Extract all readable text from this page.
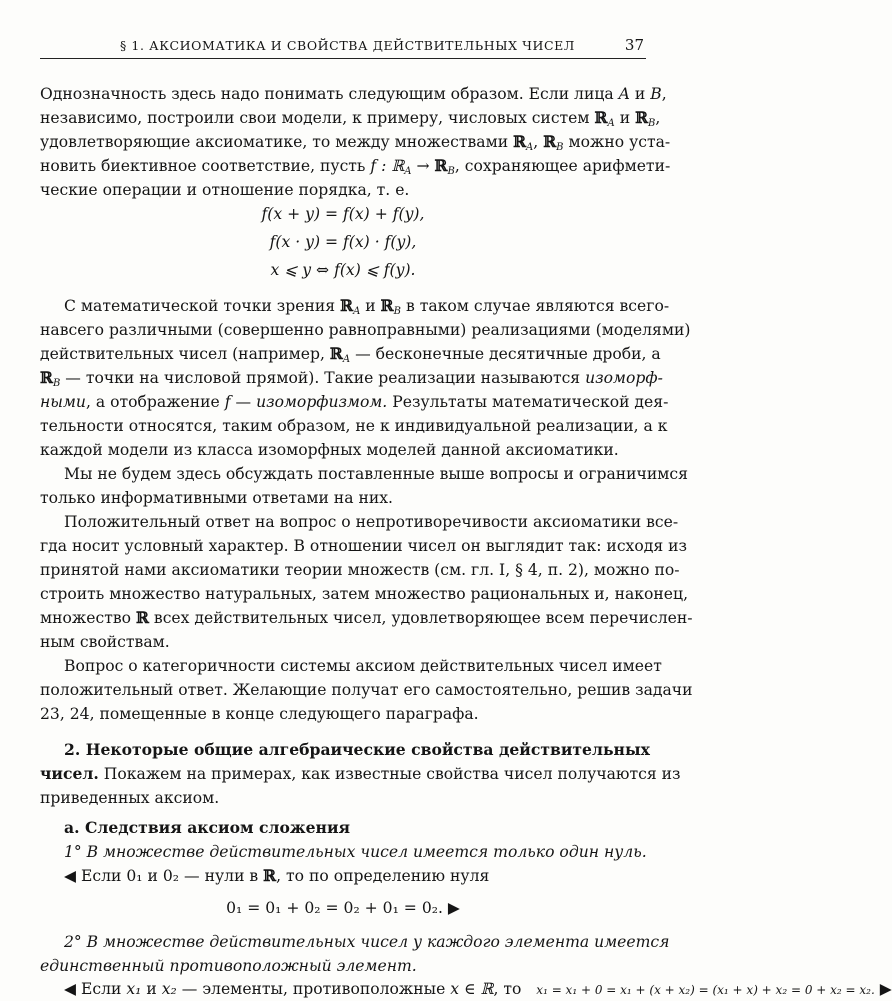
§ 1. АКСИОМАТИКА И СВОЙСТВА ДЕЙСТВИТЕЛЬНЫХ ЧИСЕЛ	37
Однозначность здесь надо понимать следующим образом. Если лица A и B,
независимо, построили свои модели, к примеру, числовых систем ℝ$_A$ и ℝ$_B$,
удовлетворяющие аксиоматике, то между множествами ℝ$_A$, ℝ$_B$ можно уста-
новить биективное соответствие, пусть f : ℝ$_A$ → ℝ$_B$, сохраняющее арифмети-
ческие операции и отношение порядка, т. е.
f(x + y) = f(x) + f(y),
f(x · y) = f(x) · f(y),
x ⩽ y ⇔ f(x) ⩽ f(y).
С математической точки зрения ℝ$_A$ и ℝ$_B$ в таком случае являются всего-
навсего различными (совершенно равноправными) реализациями (моделями)
действительных чисел (например, ℝ$_A$ — бесконечные десятичные дроби, а
ℝ$_B$ — точки на числовой прямой). Такие реализации называются изоморф-
ными, а отображение f — изоморфизмом. Результаты математической дея-
тельности относятся, таким образом, не к индивидуальной реализации, а к
каждой модели из класса изоморфных моделей данной аксиоматики.
Мы не будем здесь обсуждать поставленные выше вопросы и ограничимся
только информативными ответами на них.
Положительный ответ на вопрос о непротиворечивости аксиоматики все-
гда носит условный характер. В отношении чисел он выглядит так: исходя из
принятой нами аксиоматики теории множеств (см. гл. I, § 4, п. 2), можно по-
строить множество натуральных, затем множество рациональных и, наконец,
множество ℝ всех действительных чисел, удовлетворяющее всем перечислен-
ным свойствам.
Вопрос о категоричности системы аксиом действительных чисел имеет
положительный ответ. Желающие получат его самостоятельно, решив задачи
23, 24, помещенные в конце следующего параграфа.
2. Некоторые общие алгебраические свойства действительных
чисел. Покажем на примерах, как известные свойства чисел получаются из
приведенных аксиом.
а. Следствия аксиом сложения
1° В множестве действительных чисел имеется только один нуль.
◀ Если 0₁ и 0₂ — нули в ℝ, то по определению нуля
0₁ = 0₁ + 0₂ = 0₂ + 0₁ = 0₂. ▶
2° В множестве действительных чисел у каждого элемента имеется
единственный противоположный элемент.
◀ Если x₁ и x₂ — элементы, противоположные x ∈ ℝ, то x₁ = x₁ + 0 = x₁ + (x + x₂) = (x₁ + x) + x₂ = 0 + x₂ = x₂. ▶
